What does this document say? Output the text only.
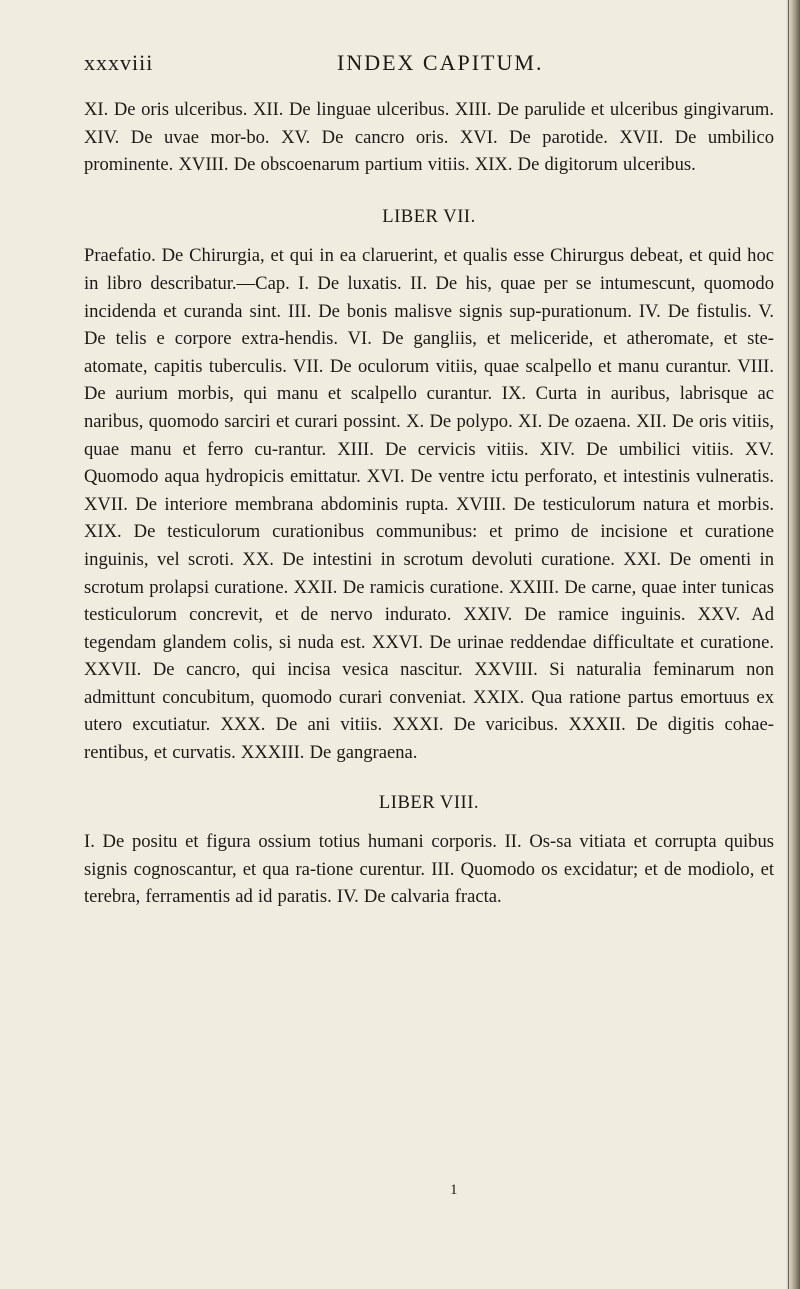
xxxviii	INDEX CAPITUM.

XI. De oris ulceribus. XII. De linguae ulceribus. XIII. De parulide et ulceribus gingivarum. XIV. De uvae mor-bo. XV. De cancro oris. XVI. De parotide. XVII. De umbilico prominente. XVIII. De obscoenarum partium vitiis. XIX. De digitorum ulceribus.

LIBER VII.

Praefatio. De Chirurgia, et qui in ea claruerint, et qualis esse Chirurgus debeat, et quid hoc in libro describatur.—Cap. I. De luxatis. II. De his, quae per se intumescunt, quomodo incidenda et curanda sint. III. De bonis malisve signis sup-purationum. IV. De fistulis. V. De telis e corpore extra-hendis. VI. De gangliis, et meliceride, et atheromate, et ste-atomate, capitis tuberculis. VII. De oculorum vitiis, quae scalpello et manu curantur. VIII. De aurium morbis, qui manu et scalpello curantur. IX. Curta in auribus, labrisque ac naribus, quomodo sarciri et curari possint. X. De polypo. XI. De ozaena. XII. De oris vitiis, quae manu et ferro cu-rantur. XIII. De cervicis vitiis. XIV. De umbilici vitiis. XV. Quomodo aqua hydropicis emittatur. XVI. De ventre ictu perforato, et intestinis vulneratis. XVII. De interiore membrana abdominis rupta. XVIII. De testiculorum natura et morbis. XIX. De testiculorum curationibus communibus: et primo de incisione et curatione inguinis, vel scroti. XX. De intestini in scrotum devoluti curatione. XXI. De omenti in scrotum prolapsi curatione. XXII. De ramicis curatione. XXIII. De carne, quae inter tunicas testiculorum concrevit, et de nervo indurato. XXIV. De ramice inguinis. XXV. Ad tegendam glandem colis, si nuda est. XXVI. De urinae reddendae difficultate et curatione. XXVII. De cancro, qui incisa vesica nascitur. XXVIII. Si naturalia feminarum non admittunt concubitum, quomodo curari conveniat. XXIX. Qua ratione partus emortuus ex utero excutiatur. XXX. De ani vitiis. XXXI. De varicibus. XXXII. De digitis cohae-rentibus, et curvatis. XXXIII. De gangraena.

LIBER VIII.

I. De positu et figura ossium totius humani corporis. II. Os-sa vitiata et corrupta quibus signis cognoscantur, et qua ra-tione curentur. III. Quomodo os excidatur; et de modiolo, et terebra, ferramentis ad id paratis. IV. De calvaria fracta.

1
